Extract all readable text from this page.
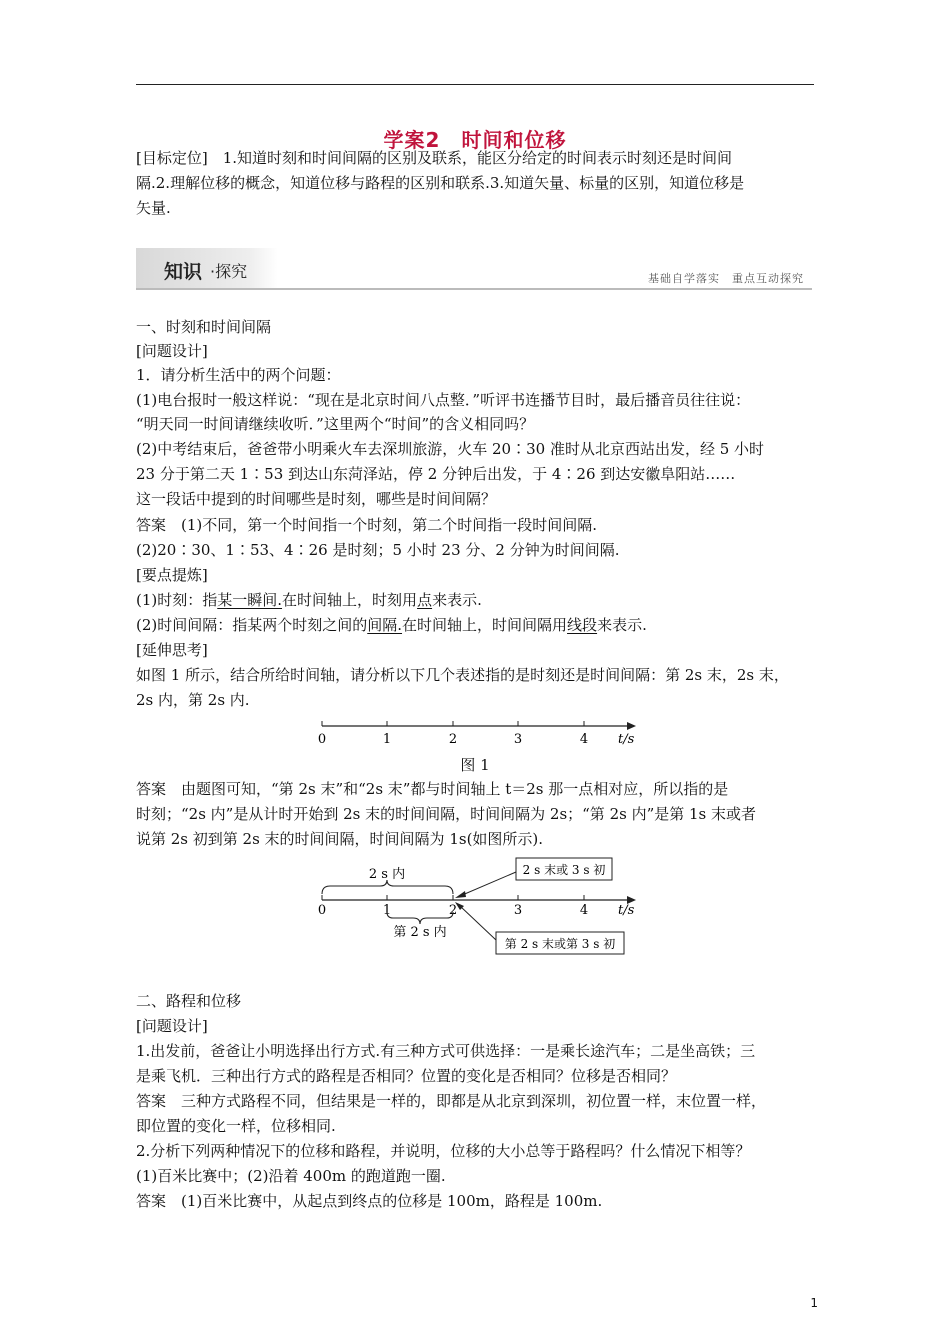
学案2　时间和位移
[目标定位]　1.知道时刻和时间间隔的区别及联系，能区分给定的时间表示时刻还是时间间
隔.2.理解位移的概念，知道位移与路程的区别和联系.3.知道矢量、标量的区别，知道位移是
矢量.
知识 ·探究	基础自学落实　重点互动探究
一、时刻和时间间隔
[问题设计]
1．请分析生活中的两个问题：
(1)电台报时一般这样说：“现在是北京时间八点整．”听评书连播节目时，最后播音员往往说：
“明天同一时间请继续收听．”这里两个“时间”的含义相同吗？
(2)中考结束后，爸爸带小明乘火车去深圳旅游，火车 20∶30 准时从北京西站出发，经 5 小时
23 分于第二天 1∶53 到达山东菏泽站，停 2 分钟后出发，于 4∶26 到达安徽阜阳站……
这一段话中提到的时间哪些是时刻，哪些是时间间隔？
答案　(1)不同，第一个时间指一个时刻，第二个时间指一段时间间隔.
(2)20∶30、1∶53、4∶26 是时刻；5 小时 23 分、2 分钟为时间间隔.
[要点提炼]
(1)时刻：指某一瞬间.在时间轴上，时刻用点来表示.
(2)时间间隔：指某两个时刻之间的间隔.在时间轴上，时间间隔用线段来表示.
[延伸思考]
如图 1 所示，结合所给时间轴，请分析以下几个表述指的是时刻还是时间间隔：第 2s 末，2s 末，
2s 内，第 2s 内.
0	1	2	3	4 t/s
图 1
答案　由题图可知，“第 2s 末”和“2s 末”都与时间轴上 t＝2s 那一点相对应，所以指的是
时刻；“2s 内”是从计时开始到 2s 末的时间间隔，时间间隔为 2s；“第 2s 内”是第 1s 末或者
说第 2s 初到第 2s 末的时间间隔，时间间隔为 1s(如图所示).
2 s 内
0	1	2	3	4 t/s
第 2 s 内
2 s 末或 3 s 初
第 2 s 末或第 3 s 初
二、路程和位移
[问题设计]
1.出发前，爸爸让小明选择出行方式.有三种方式可供选择：一是乘长途汽车；二是坐高铁；三
是乘飞机．三种出行方式的路程是否相同？位置的变化是否相同？位移是否相同？
答案　三种方式路程不同，但结果是一样的，即都是从北京到深圳，初位置一样，末位置一样，
即位置的变化一样，位移相同.
2.分析下列两种情况下的位移和路程，并说明，位移的大小总等于路程吗？什么情况下相等？
(1)百米比赛中；(2)沿着 400m 的跑道跑一圈.
答案　(1)百米比赛中，从起点到终点的位移是 100m，路程是 100m.
1
